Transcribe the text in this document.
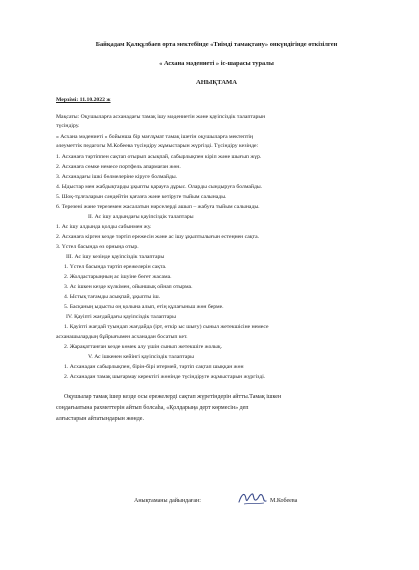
Байқадам Қалқұлбаев орта мектебінде «Тиімді тамақтану» онкүндігінде өткізілген
« Асхана мәдениеті » іс-шарасы туралы
АНЫҚТАМА
Мерзімі: 11.10.2022 ж
Мақсаты: Оқушыларға асханадағы тамақ ішу мәдениетін және қауіпсіздік талаптарын
түсіндіру.
« Асхана мәдениеті » бойынша бір мағлұмат тамақ ішетін оқушыларға мектептің
әлеуметтік педагогы М.Кобеева түсіндіру жұмыстарын жүргізді. Түсіндіру кезінде:
1. Асханаға тәртіппен сақтап отырып асықпай, сабырлықпен кіріп және шығып жүр.
2. Асханаға сөмке немесе портфель апармаған жөн.
3. Асханадағы ішкі бөлмелеріне кіруге болмайды.
4. Ыдыстар мен жабдықтарды ұқыпты қарауға дұрыс. Оларды сындыруға болмайды.
5. Шоқ-тұлғаларын сәндейтін қағазға және кетіруге тыйым салынады.
6. Терезені және тереземен жасалатын нәрселерді ашып – жабуға тыйым салынады.
II. Ас ішу алдындағы қауіпсіздік талаптары
1. Ас ішу алдында қолды сабынмен жу.
2. Асханаға кірген кезде тәртіп ережесін және ас ішу ұқыптылығын естеңнен сақта.
3. Үстел басында өз орныңа отыр.
III. Ас ішу кезінде қауіпсіздік талаптары
1. Үстел басында тәртіп ережелерін сақта.
2. Жолдастарыңның ас ішуіне бөгет жасама.
3. Ас ішкен кезде күлкімен, ойыншық ойнап отырма.
4. Ыстық тағамды асықпай, ұқыпты іш.
5. Басқаның ыдысты оң қолына алып, етің құлағыньш жөн берме.
IV. Қауіпті жағдайдағы қауіпсіздік талаптары
1. Қауіпті жағдай туындап жағдайда (ірт, өткір ыс шығу) сыныл жетекшісіне немесе
асханашылардың бұйрығымен асханадан босатып кет.
2. Жарақаттанған кезде көмек алу үшін сынып жетекшіге жолық.
V. Ас ішкенен кейінгі қауіпсіздік талаптары
1. Асханадан сабырлықпен, бірін-бірі итермей, тәртіп сақтап шыққан жөн
2. Асханадан тамақ шығармау керектігі жөнінде түсіндіруге жұмыстарын жүргізді.
Оқушылар тамақ ішер кезде осы ережелерді сақтап жүретіндерін айтты.Тамақ ішкен
соңдағыатына рахметтерін айтып болсаһа, «Қолдарыңа дерт көрмесін» деп
алғыстарын айтатындарын жөнде.
Анықтаманы дайындаған:	М.Кобеева
